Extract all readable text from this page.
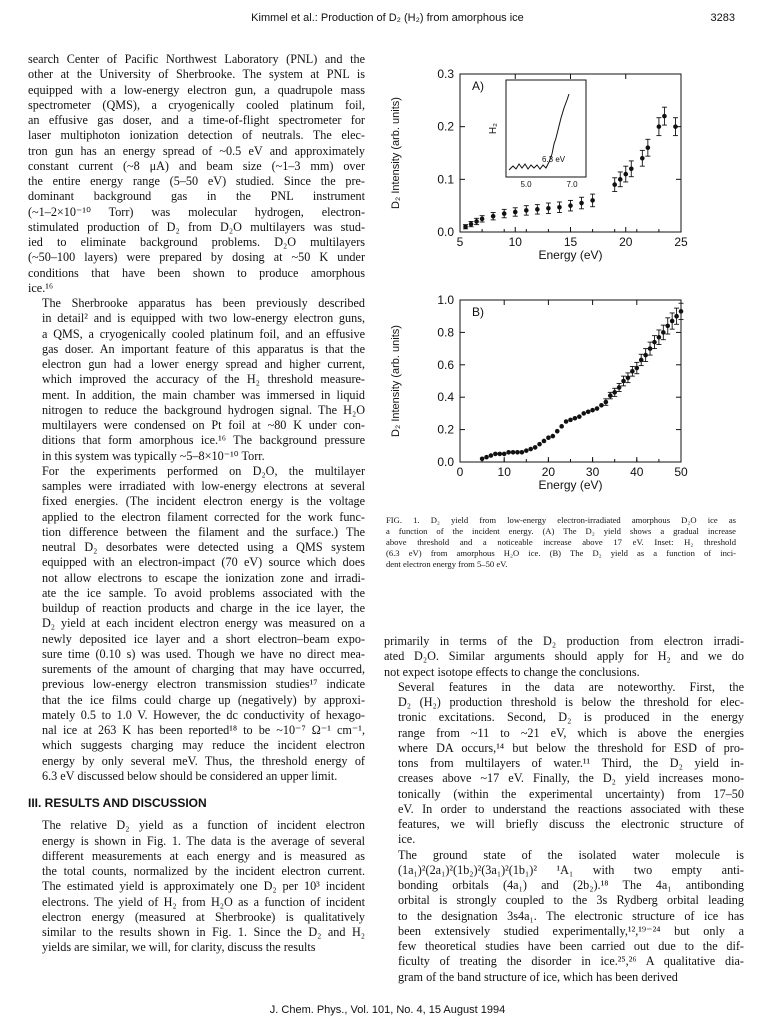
Kimmel et al.: Production of D₂ (H₂) from amorphous ice	3283

search Center of Pacific Northwest Laboratory (PNL) and the
other at the University of Sherbrooke. The system at PNL is
equipped with a low-energy electron gun, a quadrupole mass
spectrometer (QMS), a cryogenically cooled platinum foil,
an effusive gas doser, and a time-of-flight spectrometer for
laser multiphoton ionization detection of neutrals. The elec-
tron gun has an energy spread of ~0.5 eV and approximately
constant current (~8 μA) and beam size (~1–3 mm) over
the entire energy range (5–50 eV) studied. Since the pre-
dominant background gas in the PNL instrument
(~1–2×10⁻¹⁰ Torr) was molecular hydrogen, electron-
stimulated production of D₂ from D₂O multilayers was stud-
ied to eliminate background problems. D₂O multilayers
(~50–100 layers) were prepared by dosing at ~50 K under
conditions that have been shown to produce amorphous
ice.¹⁶

The Sherbrooke apparatus has been previously described
in detail² and is equipped with two low-energy electron guns,
a QMS, a cryogenically cooled platinum foil, and an effusive
gas doser. An important feature of this apparatus is that the
electron gun had a lower energy spread and higher current,
which improved the accuracy of the H₂ threshold measure-
ment. In addition, the main chamber was immersed in liquid
nitrogen to reduce the background hydrogen signal. The H₂O
multilayers were condensed on Pt foil at ~80 K under con-
ditions that form amorphous ice.¹⁶ The background pressure
in this system was typically ~5–8×10⁻¹⁰ Torr.

For the experiments performed on D₂O, the multilayer
samples were irradiated with low-energy electrons at several
fixed energies. (The incident electron energy is the voltage
applied to the electron filament corrected for the work func-
tion difference between the filament and the surface.) The
neutral D₂ desorbates were detected using a QMS system
equipped with an electron-impact (70 eV) source which does
not allow electrons to escape the ionization zone and irradi-
ate the ice sample. To avoid problems associated with the
buildup of reaction products and charge in the ice layer, the
D₂ yield at each incident electron energy was measured on a
newly deposited ice layer and a short electron–beam expo-
sure time (0.10 s) was used. Though we have no direct mea-
surements of the amount of charging that may have occurred,
previous low-energy electron transmission studies¹⁷ indicate
that the ice films could charge up (negatively) by approxi-
mately 0.5 to 1.0 V. However, the dc conductivity of hexago-
nal ice at 263 K has been reported¹⁸ to be ~10⁻⁷ Ω⁻¹ cm⁻¹,
which suggests charging may reduce the incident electron
energy by only several meV. Thus, the threshold energy of
6.3 eV discussed below should be considered an upper limit.

III. RESULTS AND DISCUSSION

The relative D₂ yield as a function of incident electron
energy is shown in Fig. 1. The data is the average of several
different measurements at each energy and is measured as
the total counts, normalized by the incident electron current.
The estimated yield is approximately one D₂ per 10³ incident
electrons. The yield of H₂ from H₂O as a function of incident
electron energy (measured at Sherbrooke) is qualitatively
similar to the results shown in Fig. 1. Since the D₂ and H₂
yields are similar, we will, for clarity, discuss the results

5	10	15	20	25
0.0
0.1
0.2
0.3
Energy (eV)
D₂ Intensity (arb. units)
A)
H₂
5.0	7.0
6.3 eV
0	10	20	30	40	50
0.0
0.2
0.4
0.6
0.8
1.0
Energy (eV)
D₂ Intensity (arb. units)
B)
FIG. 1. D₂ yield from low-energy electron-irradiated amorphous D₂O ice as
a function of the incident energy. (A) The D₂ yield shows a gradual increase
above threshold and a noticeable increase above 17 eV. Inset: H₂ threshold
(6.3 eV) from amorphous H₂O ice. (B) The D₂ yield as a function of inci-
dent electron energy from 5–50 eV.

primarily in terms of the D₂ production from electron irradi-
ated D₂O. Similar arguments should apply for H₂ and we do
not expect isotope effects to change the conclusions.

Several features in the data are noteworthy. First, the
D₂ (H₂) production threshold is below the threshold for elec-
tronic excitations. Second, D₂ is produced in the energy
range from ~11 to ~21 eV, which is above the energies
where DA occurs,¹⁴ but below the threshold for ESD of pro-
tons from multilayers of water.¹¹ Third, the D₂ yield in-
creases above ~17 eV. Finally, the D₂ yield increases mono-
tonically (within the experimental uncertainty) from 17–50
eV. In order to understand the reactions associated with these
features, we will briefly discuss the electronic structure of
ice.

The ground state of the isolated water molecule is
(1a₁)²(2a₁)²(1b₂)²(3a₁)²(1b₁)² ¹A₁ with two empty anti-
bonding orbitals (4a₁) and (2b₂).¹⁸ The 4a₁ antibonding
orbital is strongly coupled to the 3s Rydberg orbital leading
to the designation 3s4a₁. The electronic structure of ice has
been extensively studied experimentally,¹²,¹⁹⁻²⁴ but only a
few theoretical studies have been carried out due to the dif-
ficulty of treating the disorder in ice.²⁵,²⁶ A qualitative dia-
gram of the band structure of ice, which has been derived

J. Chem. Phys., Vol. 101, No. 4, 15 August 1994
